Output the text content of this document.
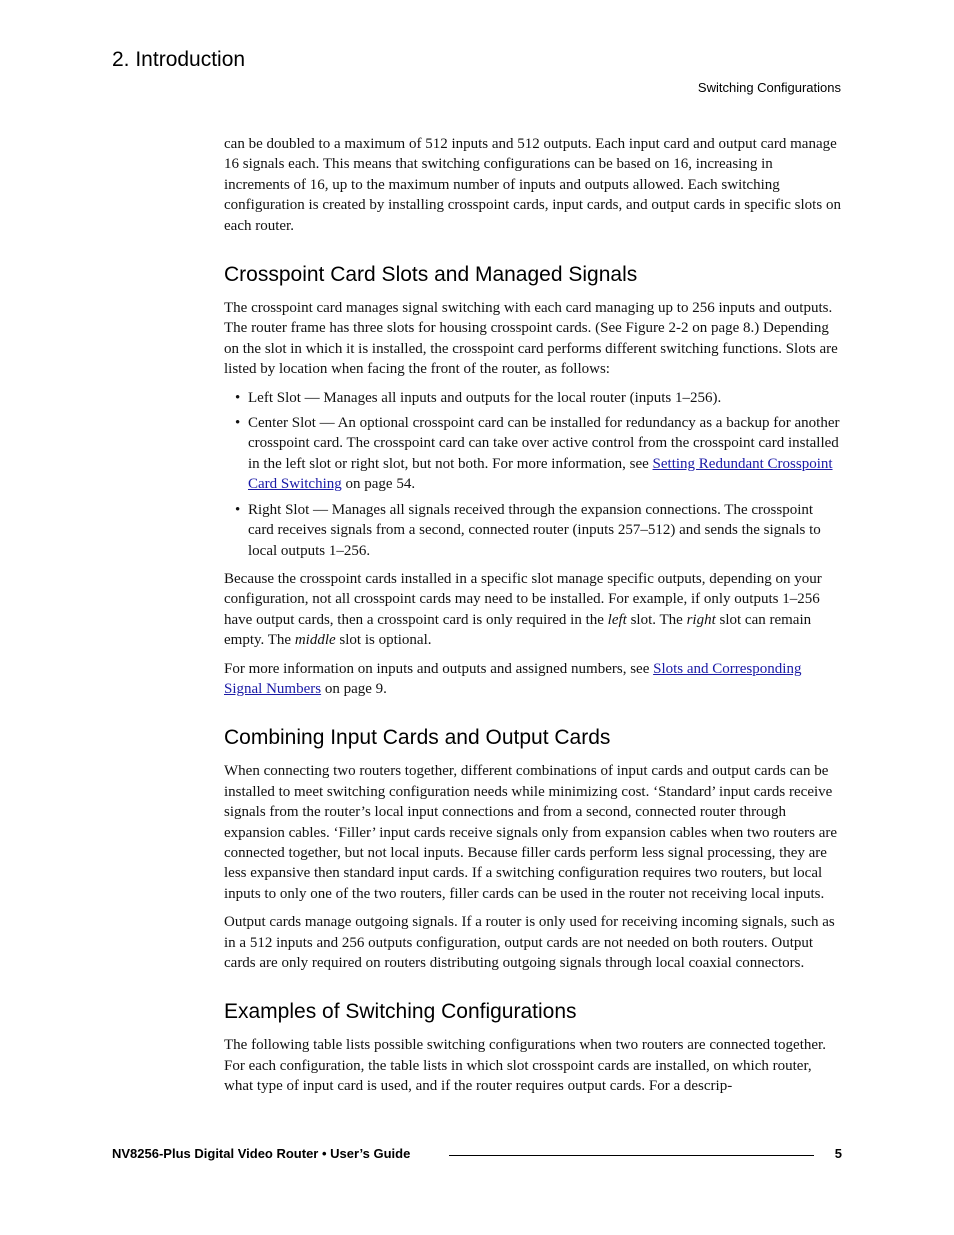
2. Introduction
Switching Configurations

can be doubled to a maximum of 512 inputs and 512 outputs. Each input card and output card manage 16 signals each. This means that switching configurations can be based on 16, increasing in increments of 16, up to the maximum number of inputs and outputs allowed. Each switching configuration is created by installing crosspoint cards, input cards, and output cards in specific slots on each router.

Crosspoint Card Slots and Managed Signals

The crosspoint card manages signal switching with each card managing up to 256 inputs and outputs. The router frame has three slots for housing crosspoint cards. (See Figure 2-2 on page 8.) Depending on the slot in which it is installed, the crosspoint card performs different switching functions. Slots are listed by location when facing the front of the router, as follows:

• Left Slot — Manages all inputs and outputs for the local router (inputs 1–256).
• Center Slot — An optional crosspoint card can be installed for redundancy as a backup for another crosspoint card. The crosspoint card can take over active control from the crosspoint card installed in the left slot or right slot, but not both. For more information, see Setting Redundant Crosspoint Card Switching on page 54.
• Right Slot — Manages all signals received through the expansion connections. The crosspoint card receives signals from a second, connected router (inputs 257–512) and sends the signals to local outputs 1–256.

Because the crosspoint cards installed in a specific slot manage specific outputs, depending on your configuration, not all crosspoint cards may need to be installed. For example, if only outputs 1–256 have output cards, then a crosspoint card is only required in the left slot. The right slot can remain empty. The middle slot is optional.

For more information on inputs and outputs and assigned numbers, see Slots and Corresponding Signal Numbers on page 9.

Combining Input Cards and Output Cards

When connecting two routers together, different combinations of input cards and output cards can be installed to meet switching configuration needs while minimizing cost. ‘Standard’ input cards receive signals from the router’s local input connections and from a second, connected router through expansion cables. ‘Filler’ input cards receive signals only from expansion cables when two routers are connected together, but not local inputs. Because filler cards perform less signal processing, they are less expansive then standard input cards. If a switching configuration requires two routers, but local inputs to only one of the two routers, filler cards can be used in the router not receiving local inputs.

Output cards manage outgoing signals. If a router is only used for receiving incoming signals, such as in a 512 inputs and 256 outputs configuration, output cards are not needed on both routers. Output cards are only required on routers distributing outgoing signals through local coaxial connectors.

Examples of Switching Configurations

The following table lists possible switching configurations when two routers are connected together. For each configuration, the table lists in which slot crosspoint cards are installed, on which router, what type of input card is used, and if the router requires output cards. For a descrip-

NV8256-Plus Digital Video Router • User’s Guide	5
